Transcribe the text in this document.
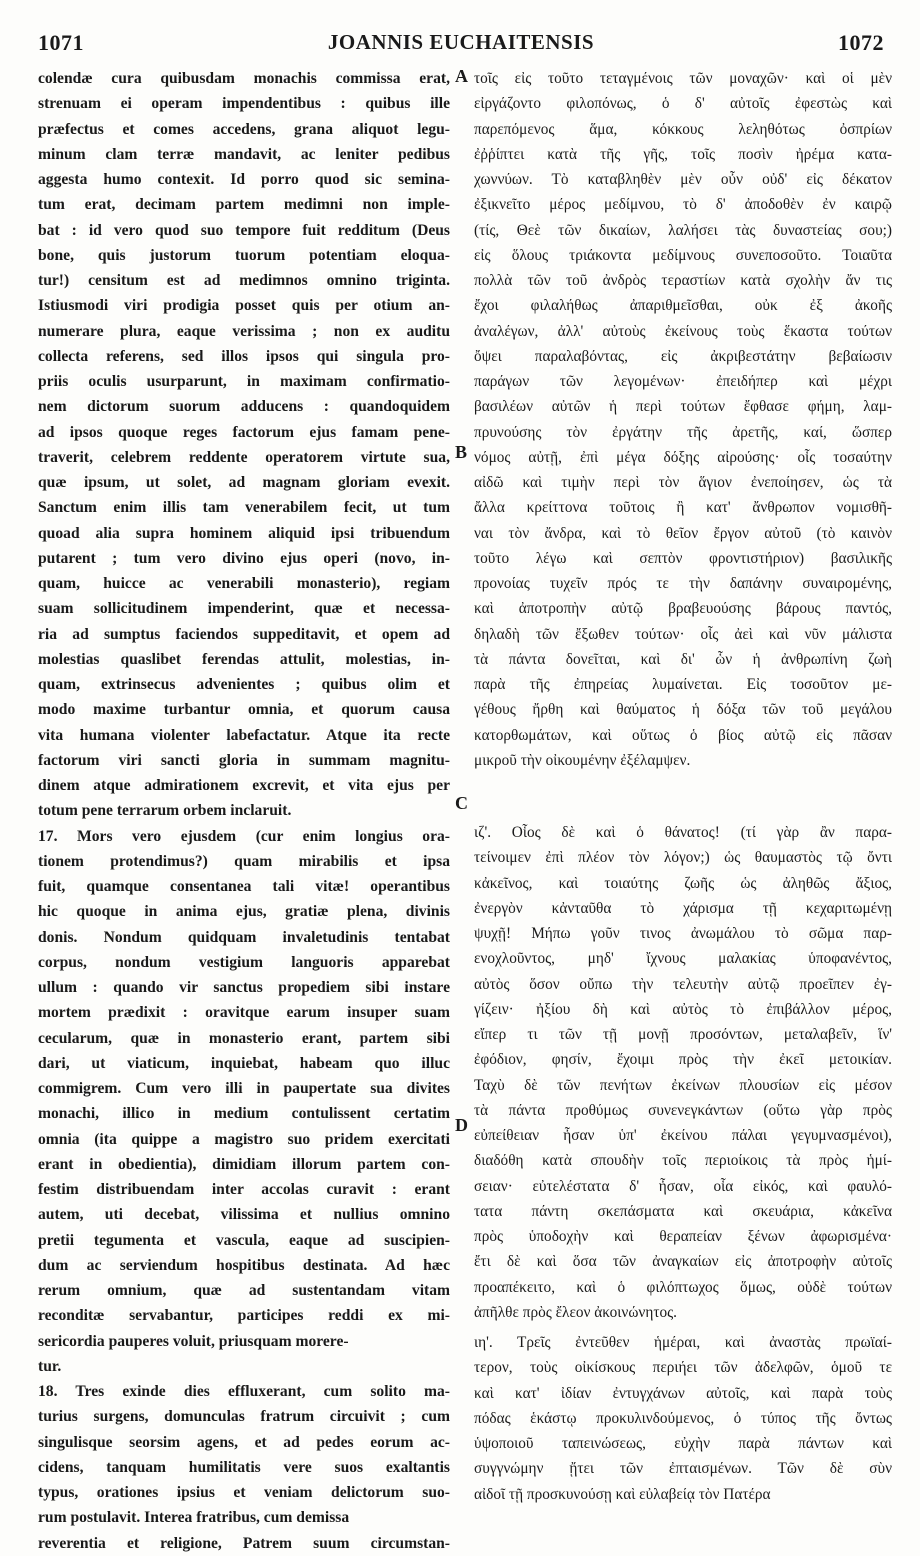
1071	JOANNIS EUCHAITENSIS	1072
colendæ cura quibusdam monachis commissa erat,
strenuam ei operam impendentibus : quibus ille
præfectus et comes accedens, grana aliquot legu-
minum clam terræ mandavit, ac leniter pedibus
aggesta humo contexit. Id porro quod sic semina-
tum erat, decimam partem medimni non imple-
bat : id vero quod suo tempore fuit redditum (Deus
bone, quis justorum tuorum potentiam eloqua-
tur!) censitum est ad medimnos omnino triginta.
Istiusmodi viri prodigia posset quis per otium an-
numerare plura, eaque verissima ; non ex auditu
collecta referens, sed illos ipsos qui singula pro-
priis oculis usurparunt, in maximam confirmatio-
nem dictorum suorum adducens : quandoquidem
ad ipsos quoque reges factorum ejus famam pene-
traverit, celebrem reddente operatorem virtute sua,
quæ ipsum, ut solet, ad magnam gloriam evexit.
Sanctum enim illis tam venerabilem fecit, ut tum
quoad alia supra hominem aliquid ipsi tribuendum
putarent ; tum vero divino ejus operi (novo, in-
quam, huicce ac venerabili monasterio), regiam
suam sollicitudinem impenderint, quæ et necessa-
ria ad sumptus faciendos suppeditavit, et opem ad
molestias quaslibet ferendas attulit, molestias, in-
quam, extrinsecus advenientes ; quibus olim et
modo maxime turbantur omnia, et quorum causa
vita humana violenter labefactatur. Atque ita recte
factorum viri sancti gloria in summam magnitu-
dinem atque admirationem excrevit, et vita ejus per
totum pene terrarum orbem inclaruit.
17. Mors vero ejusdem (cur enim longius ora-
tionem protendimus?) quam mirabilis et ipsa
fuit, quamque consentanea tali vitæ! operantibus
hic quoque in anima ejus, gratiæ plena, divinis
donis. Nondum quidquam invaletudinis tentabat
corpus, nondum vestigium languoris apparebat
ullum : quando vir sanctus propediem sibi instare
mortem prædixit : oravitque earum insuper suam
cecularum, quæ in monasterio erant, partem sibi
dari, ut viaticum, inquiebat, habeam quo illuc
commigrem. Cum vero illi in paupertate sua divites
monachi, illico in medium contulissent certatim
omnia (ita quippe a magistro suo pridem exercitati
erant in obedientia), dimidiam illorum partem con-
festim distribuendam inter accolas curavit : erant
autem, uti decebat, vilissima et nullius omnino
pretii tegumenta et vascula, eaque ad suscipien-
dum ac serviendum hospitibus destinata. Ad hæc
rerum omnium, quæ ad sustentandam vitam
reconditæ servabantur, participes reddi ex mi-
sericordia pauperes voluit, priusquam morere-
tur.
18. Tres exinde dies effluxerant, cum solito ma-
turius surgens, domunculas fratrum circuivit ; cum
singulisque seorsim agens, et ad pedes eorum ac-
cidens, tanquam humilitatis vere suos exaltantis
typus, orationes ipsius et veniam delictorum suo-
rum postulavit. Interea fratribus, cum demissa
reverentia et religione, Patrem suum circumstan-
τοῖς εἰς τοῦτο τεταγμένοις τῶν μοναχῶν· καὶ οἱ μὲν
εἰργάζοντο φιλοπόνως, ὁ δ' αὐτοῖς ἐφεστὼς καὶ
παρεπόμενος ἅμα, κόκκους λεληθότως ὀσπρίων
ἐῤῥίπτει κατὰ τῆς γῆς, τοῖς ποσὶν ἠρέμα κατα-
χωννύων. Τὸ καταβληθὲν μὲν οὖν οὐδ' εἰς δέκατον
ἐξικνεῖτο μέρος μεδίμνου, τὸ δ' ἀποδοθὲν ἐν καιρῷ
(τίς, Θεὲ τῶν δικαίων, λαλήσει τὰς δυναστείας σου;)
εἰς ὅλους τριάκοντα μεδίμνους συνεποσοῦτο. Τοιαῦτα
πολλὰ τῶν τοῦ ἀνδρὸς τεραστίων κατὰ σχολὴν ἄν τις
ἔχοι φιλαλήθως ἀπαριθμεῖσθαι, οὐκ ἐξ ἀκοῆς
ἀναλέγων, ἀλλ' αὐτοὺς ἐκείνους τοὺς ἕκαστα τούτων
ὄψει παραλαβόντας, εἰς ἀκριβεστάτην βεβαίωσιν
παράγων τῶν λεγομένων· ἐπειδήπερ καὶ μέχρι
βασιλέων αὐτῶν ἡ περὶ τούτων ἔφθασε φήμη, λαμ-
πρυνούσης τὸν ἐργάτην τῆς ἀρετῆς, καί, ὥσπερ
νόμος αὐτῇ, ἐπὶ μέγα δόξης αἰρούσης· οἷς τοσαύτην
αἰδῶ καὶ τιμὴν περὶ τὸν ἅγιον ἐνεποίησεν, ὡς τὰ
ἄλλα κρείττονα τοῦτοις ἢ κατ' ἄνθρωπον νομισθῆ-
ναι τὸν ἄνδρα, καὶ τὸ θεῖον ἔργον αὐτοῦ (τὸ καινὸν
τοῦτο λέγω καὶ σεπτὸν φροντιστήριον) βασιλικῆς
προνοίας τυχεῖν πρός τε τὴν δαπάνην συναιρομένης,
καὶ ἀποτροπὴν αὐτῷ βραβευούσης βάρους παντός,
δηλαδὴ τῶν ἔξωθεν τούτων· οἷς ἀεὶ καὶ νῦν μάλιστα
τὰ πάντα δονεῖται, καὶ δι' ὧν ἡ ἀνθρωπίνη ζωὴ
παρὰ τῆς ἐπηρείας λυμαίνεται. Εἰς τοσοῦτον με-
γέθους ἤρθη καὶ θαύματος ἡ δόξα τῶν τοῦ μεγάλου
κατορθωμάτων, καὶ οὕτως ὁ βίος αὐτῷ εἰς πᾶσαν
μικροῦ τὴν οἰκουμένην ἐξέλαμψεν.
ιζ'. Οἷος δὲ καὶ ὁ θάνατος! (τί γὰρ ἂν παρα-
τείνοιμεν ἐπὶ πλέον τὸν λόγον;) ὡς θαυμαστὸς τῷ ὄντι
κἀκεῖνος, καὶ τοιαύτης ζωῆς ὡς ἀληθῶς ἄξιος,
ἐνεργὸν κἀνταῦθα τὸ χάρισμα τῇ κεχαριτωμένῃ
ψυχῇ! Μήπω γοῦν τινος ἀνωμάλου τὸ σῶμα παρ-
ενοχλοῦντος, μηδ' ἴχνους μαλακίας ὑποφανέντος,
αὐτὸς ὅσον οὔπω τὴν τελευτὴν αὐτῷ προεῖπεν ἐγ-
γίζειν· ἠξίου δὴ καὶ αὐτὸς τὸ ἐπιβάλλον μέρος,
εἴπερ τι τῶν τῇ μονῇ προσόντων, μεταλαβεῖν, ἵν'
ἐφόδιον, φησίν, ἔχοιμι πρὸς τὴν ἐκεῖ μετοικίαν.
Ταχὺ δὲ τῶν πενήτων ἐκείνων πλουσίων εἰς μέσον
τὰ πάντα προθύμως συνενεγκάντων (οὕτω γὰρ πρὸς
εὐπείθειαν ἦσαν ὑπ' ἐκείνου πάλαι γεγυμνασμένοι),
διαδόθη κατὰ σπουδὴν τοῖς περιοίκοις τὰ πρὸς ἡμί-
σειαν· εὐτελέστατα δ' ἦσαν, οἷα εἰκός, καὶ φαυλό-
τατα πάντη σκεπάσματα καὶ σκευάρια, κἀκεῖνα
πρὸς ὑποδοχὴν καὶ θεραπείαν ξένων ἀφωρισμένα·
ἔτι δὲ καὶ ὅσα τῶν ἀναγκαίων εἰς ἀποτροφὴν αὐτοῖς
προαπέκειτο, καὶ ὁ φιλόπτωχος ὅμως, οὐδὲ τούτων
ἀπῆλθε πρὸς ἔλεον ἀκοινώνητος.
ιη'. Τρεῖς ἐντεῦθεν ἡμέραι, καὶ ἀναστὰς πρωϊαί-
τερον, τοὺς οἰκίσκους περιήει τῶν ἀδελφῶν, ὁμοῦ τε
καὶ κατ' ἰδίαν ἐντυγχάνων αὐτοῖς, καὶ παρὰ τοὺς
πόδας ἑκάστῳ προκυλινδούμενος, ὁ τύπος τῆς ὄντως
ὑψοποιοῦ ταπεινώσεως, εὐχὴν παρὰ πάντων καὶ
συγγνώμην ᾔτει τῶν ἐπταισμένων. Τῶν δὲ σὺν
αἰδοῖ τῇ προσκυνούσῃ καὶ εὐλαβείᾳ τὸν Πατέρα
A
B
C
D
